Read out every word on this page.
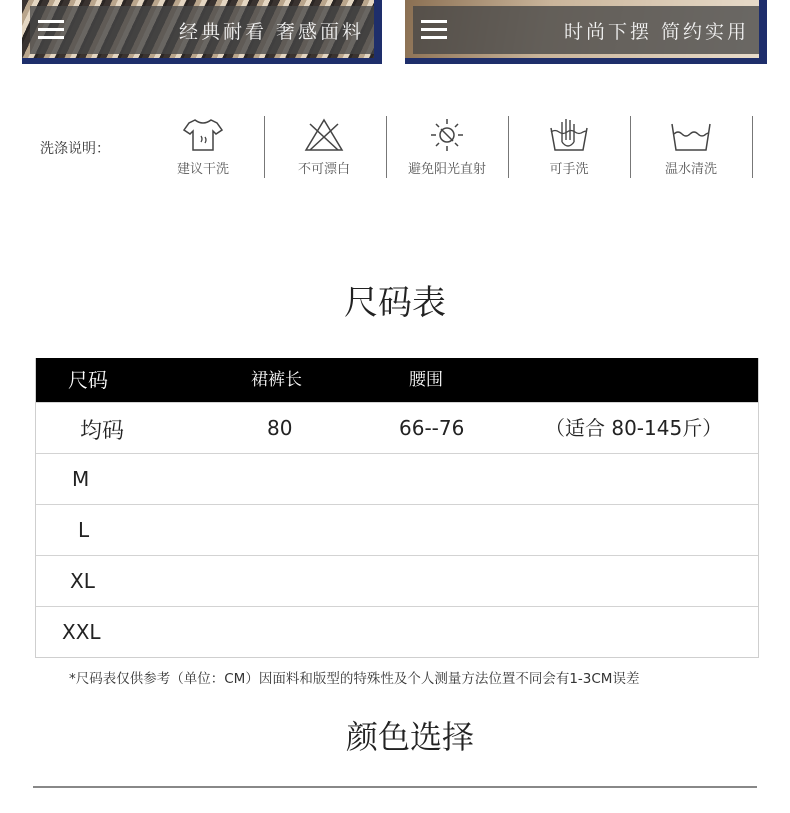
经典耐看 奢感面料	时尚下摆 简约实用
洗涤说明：
建议干洗	不可漂白	避免阳光直射	可手洗	温水清洗
尺码表
尺码	裙裤长	腰围
均码	80	66--76	（适合 80-145斤）
M
L
XL
XXL
*尺码表仅供参考（单位：CM）因面料和版型的特殊性及个人测量方法位置不同会有1-3CM误差
颜色选择
